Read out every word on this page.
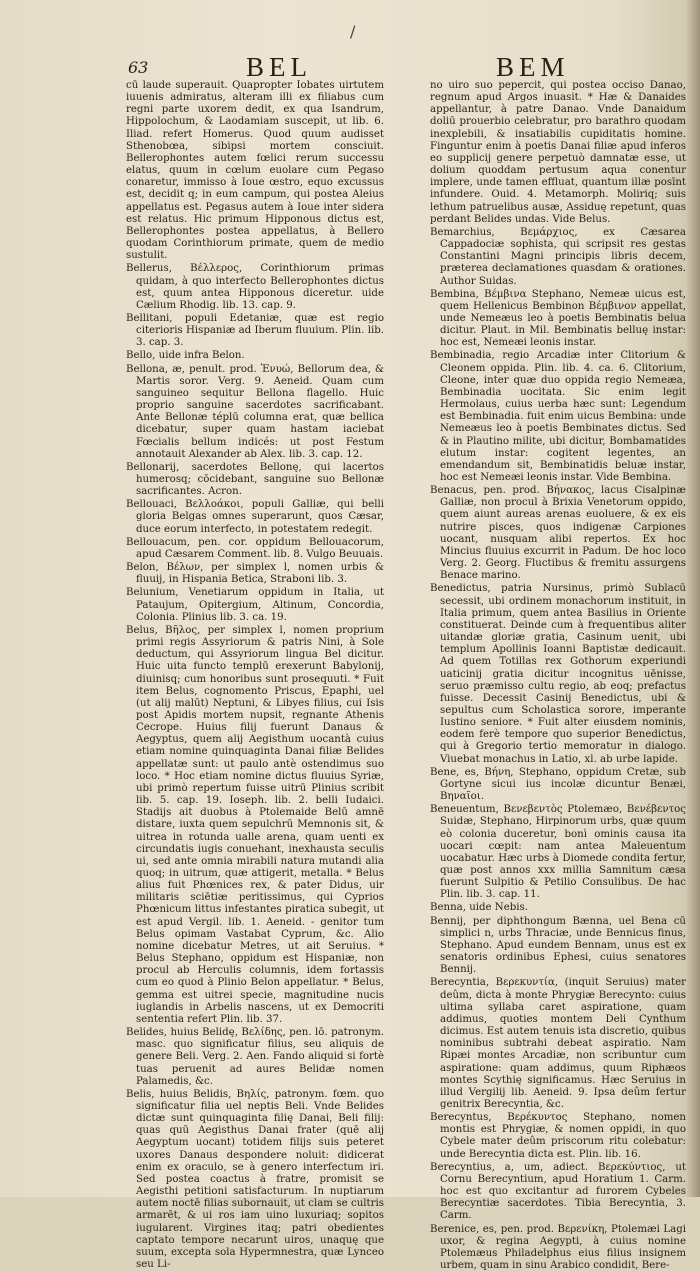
/
63	BEL	BEM

cū laude superauit. Quapropter Iobates uirtutem iuuenis admiratus, alteram illi ex filiabus cum regni parte uxorem dedit, ex qua Isandrum, Hippolochum, & Laodamiam suscepit, ut lib. 6. Iliad. refert Homerus. Quod quum audisset Sthenobœa, sibipsi mortem consciuit. Bellerophontes autem fœlici rerum successu elatus, quum in cœlum euolare cum Pegaso conaretur, immisso à Ioue œstro, equo excussus est, decidit q; in eum campum, qui postea Aleius appellatus est. Pegasus autem à Ioue inter sidera est relatus. Hic primum Hipponous dictus est, Bellerophontes postea appellatus, à Bellero quodam Corinthiorum primate, quem de medio sustulit.

Bellerus, Βέλλερος, Corinthiorum primas quidam, à quo interfecto Bellerophontes dictus est, quum antea Hipponous diceretur. uide Cælium Rhodig. lib. 13. cap. 9.

Bellitani, populi Edetaniæ, quæ est regio citerioris Hispaniæ ad Iberum fluuium. Plin. lib. 3. cap. 3.

Bello, uide infra Belon.

Bellona, æ, penult. prod. Ἐνυώ, Bellorum dea, & Martis soror. Verg. 9. Aeneid. Quam cum sanguineo sequitur Bellona flagello. Huic proprio sanguine sacerdotes sacrificabant. Ante Bellonæ téplū columna erat, quæ bellica dicebatur, super quam hastam iaciebat Fœcialis bellum indicés: ut post Festum annotauit Alexander ab Alex. lib. 3. cap. 12.

Bellonarij, sacerdotes Bellonę, qui lacertos humerosq; cōcidebant, sanguine suo Bellonæ sacrificantes. Acron.

Bellouaci, Βελλοάκοι, populi Galliæ, qui belli gloria Belgas omnes superarunt, quos Cæsar, duce eorum interfecto, in potestatem redegit.

Bellouacum, pen. cor. oppidum Bellouacorum, apud Cæsarem Comment. lib. 8. Vulgo Beuuais.

Belon, Βέλων, per simplex l, nomen urbis & fluuij, in Hispania Betica, Straboni lib. 3.

Belunium, Venetiarum oppidum in Italia, ut Pataujum, Opitergium, Altinum, Concordia, Colonia. Plinius lib. 3. ca. 19.

Belus, Βῆλος, per simplex l, nomen proprium primi regis Assyriorum & patris Nini, à Sole deductum, qui Assyriorum lingua Bel dicitur. Huic uita functo templū erexerunt Babylonij, diuinisq; cum honoribus sunt prosequuti. * Fuit item Belus, cognomento Priscus, Epaphi, uel (ut alij malūt) Neptuni, & Libyes filius, cui Isis post Apidis mortem nupsit, regnante Athenis Cecrope. Huius filij fuerunt Danaus & Aegyptus, quem alij Aegisthum uocantà cuius etiam nomine quinquaginta Danai filiæ Belides appellatæ sunt: ut paulo antè ostendimus suo loco. * Hoc etiam nomine dictus fluuius Syriæ, ubi primò repertum fuisse uitrū Plinius scribit lib. 5. cap. 19. Ioseph. lib. 2. belli Iudaici. Stadijs ait duobus à Ptolemaide Belū amnē distare, iuxta quem sepulchrū Memnonis sit, & uitrea in rotunda ualle arena, quam uenti ex circundatis iugis conuehant, inexhausta seculis ui, sed ante omnia mirabili natura mutandi alia quoq; in uitrum, quæ attigerit, metalla. * Belus alius fuit Phœnices rex, & pater Didus, uir militaris sciētiæ peritissimus, qui Cyprios Phœnicum littus infestantes piratica subegit, ut est apud Vergil. lib. 1. Aeneid. - genitor tum Belus opimam Vastabat Cyprum, &c. Alio nomine dicebatur Metres, ut ait Seruius. * Belus Stephano, oppidum est Hispaniæ, non procul ab Herculis columnis, idem fortassis cum eo quod à Plinio Belon appellatur. * Belus, gemma est uitrei specie, magnitudine nucis iuglandis in Arbelis nascens, ut ex Democriti sententia refert Plin. lib. 37.

Belides, huius Belidę, Βελίδης, pen. lō. patronym. masc. quo significatur filius, seu aliquis de genere Beli. Verg. 2. Aen. Fando aliquid si fortè tuas peruenit ad aures Belidæ nomen Palamedis, &c.

Belis, huius Belidis, Βηλίς, patronym. fœm. quo significatur filia uel neptis Beli. Vnde Belides dictæ sunt quinquaginta filię Danai, Beli filij: quas quū Aegisthus Danai frater (quē alij Aegyptum uocant) totidem filijs suis peteret uxores Danaus despondere noluit: didicerat enim ex oraculo, se à genero interfectum iri. Sed postea coactus à fratre, promisit se Aegisthi petitioni satisfacturum. In nuptiarum autem noctē filias subornauit, ut clam se cultris armarēt, & ui ros iam uino luxuriaq; sopitos iugularent. Virgines itaq; patri obedientes captato tempore necarunt uiros, unaquę que suum, excepta sola Hypermnestra, quæ Lynceo seu Li-

no uiro suo pepercit, qui postea occiso Danao, regnum apud Argos inuasit. * Hæ & Danaides appellantur, à patre Danao. Vnde Danaidum doliū prouerbio celebratur, pro barathro quodam inexplebili, & insatiabilis cupiditatis homine. Finguntur enim à poetis Danai filiæ apud inferos eo supplicij genere perpetuò damnatæ esse, ut dolium quoddam pertusum aqua conentur implere, unde tamen effluat, quantum illæ posīnt infundere. Ouid. 4. Metamorph. Moliriq; suis lethum patruelibus ausæ, Assiduę repetunt, quas perdant Belides undas. Vide Belus.

Bemarchius, Βεμάρχιος, ex Cæsarea Cappadociæ sophista, qui scripsit res gestas Constantini Magni principis libris decem, præterea declamationes quasdam & orationes. Author Suidas.

Bembina, Βέμβινα Stephano, Nemeæ uicus est, quem Hellenicus Bembinon Βέμβινον appellat, unde Nemeæus leo à poetis Bembinatis belua dicitur. Plaut. in Mil. Bembinatis belluę instar: hoc est, Nemeæi leonis instar.

Bembinadia, regio Arcadiæ inter Clitorium & Cleonem oppida. Plin. lib. 4. ca. 6. Clitorium, Cleone, inter quæ duo oppida regio Nemeæa, Bembinadia uocitata. Sic enim legit Hermolaus, cuius uerba hæc sunt: Legendum est Bembinadia. fuit enim uicus Bembina: unde Nemeæus leo à poetis Bembinates dictus. Sed & in Plautino milite, ubi dicitur, Bombamatides elutum instar: cogitent legentes, an emendandum sit, Bembinatidis beluæ instar, hoc est Nemeæi leonis instar. Vide Bembina.

Benacus, pen. prod. Βήνακος, lacus Cisalpinæ Galliæ, non procul à Brixia Venetorum oppido, quem aiunt aureas arenas euoluere, & ex eis nutrire pisces, quos indigenæ Carpiones uocant, nusquam alibi repertos. Ex hoc Mincius fluuius excurrit in Padum. De hoc loco Verg. 2. Georg. Fluctibus & fremitu assurgens Benace marino.

Benedictus, patria Nursinus, primò Sublacū secessit, ubi ordinem monachorum instituit, in Italia primum, quem antea Basilius in Oriente constituerat. Deinde cum à frequentibus aliter uitandæ gloriæ gratia, Casinum uenit, ubi templum Apollinis Ioanni Baptistæ dedicauit. Ad quem Totillas rex Gothorum experiundi uaticinij gratia dicitur incognitus uēnisse, seruo præmisso cultu regio, ab eoq; prefactus fuisse. Decessit Casinij Benedictus, ubi & sepultus cum Scholastica sorore, imperante Iustino seniore. * Fuit alter eiusdem nominis, eodem ferè tempore quo superior Benedictus, qui à Gregorio tertio memoratur in dialogo. Viuebat monachus in Latio, xl. ab urbe lapide.

Bene, es, Βήνη, Stephano, oppidum Cretæ, sub Gortyne sicui ius incolæ dicuntur Benæi, Βηναῖοι.

Beneuentum, Βενεβεντὸς Ptolemæo, Βενέβεντος Suidæ, Stephano, Hirpinorum urbs, quæ quum eò colonia duceretur, bonì ominis causa ita uocari cœpit: nam antea Maleuentum uocabatur. Hæc urbs à Diomede condita fertur, quæ post annos xxx millia Samnitum cæsa fuerunt Sulpitio & Petilio Consulibus. De hac Plin. lib. 3. cap. 11.

Benna, uide Nebis.

Bennij, per diphthongum Bænna, uel Bena cū simplici n, urbs Thraciæ, unde Bennicus finus, Stephano. Apud eundem Bennam, unus est ex senatoris ordinibus Ephesi, cuius senatores Bennij.

Berecyntia, Βερεκυντία, (inquit Seruius) mater deûm, dicta à monte Phrygiæ Berecynto: cuius ultima syllaba caret aspiratione, quam addimus, quoties montem Deli Cynthum dicimus. Est autem tenuis ista discretio, quibus nominibus subtrahi debeat aspiratio. Nam Ripæi montes Arcadiæ, non scribuntur cum aspiratione: quam addimus, quum Riphæos montes Scythię significamus. Hæc Seruius in illud Vergilij lib. Aeneid. 9. Ipsa deûm fertur genitrix Berecyntia, &c.

Berecyntus, Βερέκυντος Stephano, nomen montis est Phrygiæ, & nomen oppidi, in quo Cybele mater deûm priscorum ritu colebatur: unde Berecyntia dicta est. Plin. lib. 16.

Berecyntius, a, um, adiect. Βερεκύντιος, ut Cornu Berecyntium, apud Horatium 1. Carm. hoc est quo excitantur ad furorem Cybeles Berecyntiæ sacerdotes. Tibia Berecyntia, 3. Carm.

Berenice, es, pen. prod. Βερενίκη, Ptolemæi Lagi uxor, & regina Aegypti, à cuius nomine Ptolemæus Philadelphus eius filius insignem urbem, quam in sinu Arabico condidit, Bere-
